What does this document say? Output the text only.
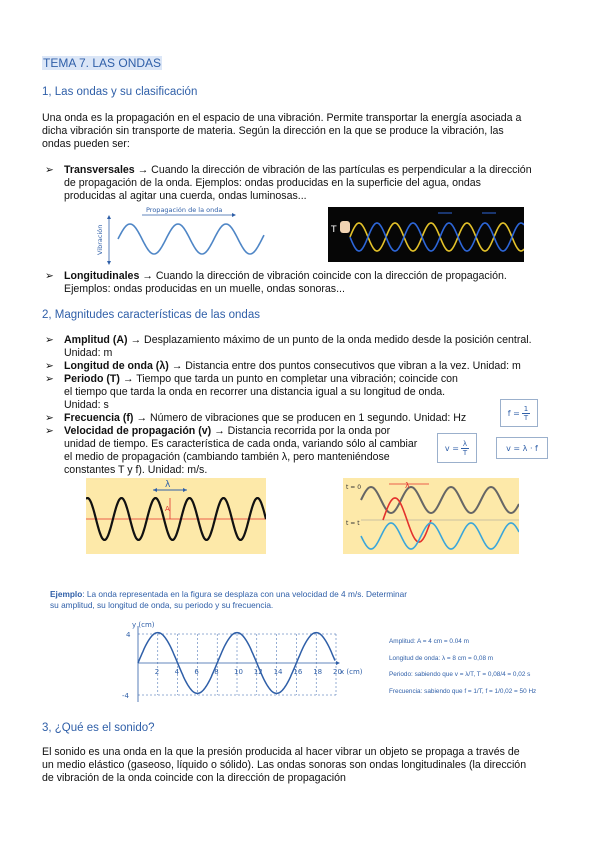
TEMA 7. LAS ONDAS
1, Las ondas y su clasificación
Una onda es la propagación en el espacio de una vibración. Permite transportar la energía asociada a
dicha vibración sin transporte de materia. Según la dirección en la que se produce la vibración, las
ondas pueden ser:
➢ Transversales → Cuando la dirección de vibración de las partículas es perpendicular a la dirección
de propagación de la onda. Ejemplos: ondas producidas en la superficie del agua, ondas
producidas al agitar una cuerda, ondas luminosas...
Propagación de la onda
Vibración	T
➢ Longitudinales → Cuando la dirección de vibración coincide con la dirección de propagación.
Ejemplos: ondas producidas en un muelle, ondas sonoras...
2, Magnitudes características de las ondas
➢ Amplitud (A) → Desplazamiento máximo de un punto de la onda medido desde la posición central.
Unidad: m
➢ Longitud de onda (λ) → Distancia entre dos puntos consecutivos que vibran a la vez. Unidad: m
➢ Periodo (T) → Tiempo que tarda un punto en completar una vibración; coincide con
el tiempo que tarda la onda en recorrer una distancia igual a su longitud de onda.
Unidad: s
➢ Frecuencia (f) → Número de vibraciones que se producen en 1 segundo. Unidad: Hz
➢ Velocidad de propagación (v) → Distancia recorrida por la onda por
unidad de tiempo. Es característica de cada onda, variando sólo al cambiar
el medio de propagación (cambiando también λ, pero manteniéndose
constantes T y f). Unidad: m/s.
$f = \frac{1}{T}$
$v = \frac{\lambda}{T}$	v = λ · f
λ
A
t = 0
t = t
λ
Ejemplo: La onda representada en la figura se desplaza con una velocidad de 4 m/s. Determinar
su amplitud, su longitud de onda, su periodo y su frecuencia.
y (cm)
x (cm)
4
-4
2 4 6 8 10 12 14 16 18 20
Amplitud: A = 4 cm = 0.04 m
Longitud de onda: λ = 8 cm = 0,08 m
Periodo: sabiendo que v = λ/T, T = 0,08/4 = 0,02 s
Frecuencia: sabiendo que f = 1/T, f = 1/0,02 = 50 Hz
3, ¿Qué es el sonido?
El sonido es una onda en la que la presión producida al hacer vibrar un objeto se propaga a través de
un medio elástico (gaseoso, líquido o sólido). Las ondas sonoras son ondas longitudinales (la dirección
de vibración de la onda coincide con la dirección de propagación
